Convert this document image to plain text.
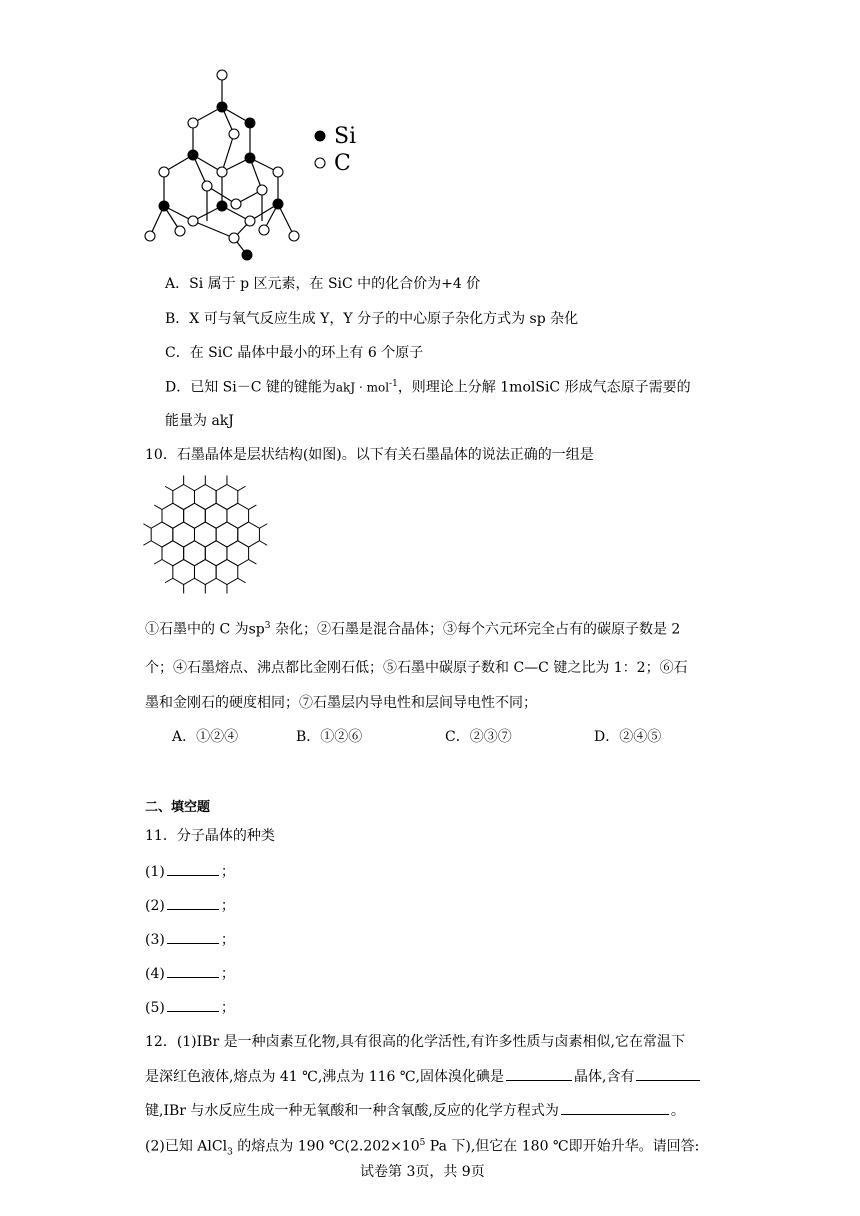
Si
C
A．Si 属于 p 区元素，在 SiC 中的化合价为+4 价
B．X 可与氧气反应生成 Y，Y 分子的中心原子杂化方式为 sp 杂化
C．在 SiC 晶体中最小的环上有 6 个原子
D．已知 Si－C 键的键能为akJ · mol$^{-1}$，则理论上分解 1molSiC 形成气态原子需要的
能量为 akJ
10．石墨晶体是层状结构(如图)。以下有关石墨晶体的说法正确的一组是
①石墨中的 C 为$sp^3$ 杂化；②石墨是混合晶体；③每个六元环完全占有的碳原子数是 2
个；④石墨熔点、沸点都比金刚石低；⑤石墨中碳原子数和 C—C 键之比为 1：2；⑥石
墨和金刚石的硬度相同；⑦石墨层内导电性和层间导电性不同；
A．①②④	B．①②⑥	C．②③⑦	D．②④⑤
二、填空题
11．分子晶体的种类
(1)	；
(2)	；
(3)	；
(4)	；
(5)	；
12．(1)IBr 是一种卤素互化物,具有很高的化学活性,有许多性质与卤素相似,它在常温下
是深红色液体,熔点为 41 ℃,沸点为 116 ℃,固体溴化碘是	晶体,含有
键,IBr 与水反应生成一种无氧酸和一种含氧酸,反应的化学方程式为	。
(2)已知 AlCl$_3$ 的熔点为 190 $℃(2.202\times 10^5$ Pa 下),但它在 180 ℃即开始升华。请回答:
试卷第 3页，共 9页
